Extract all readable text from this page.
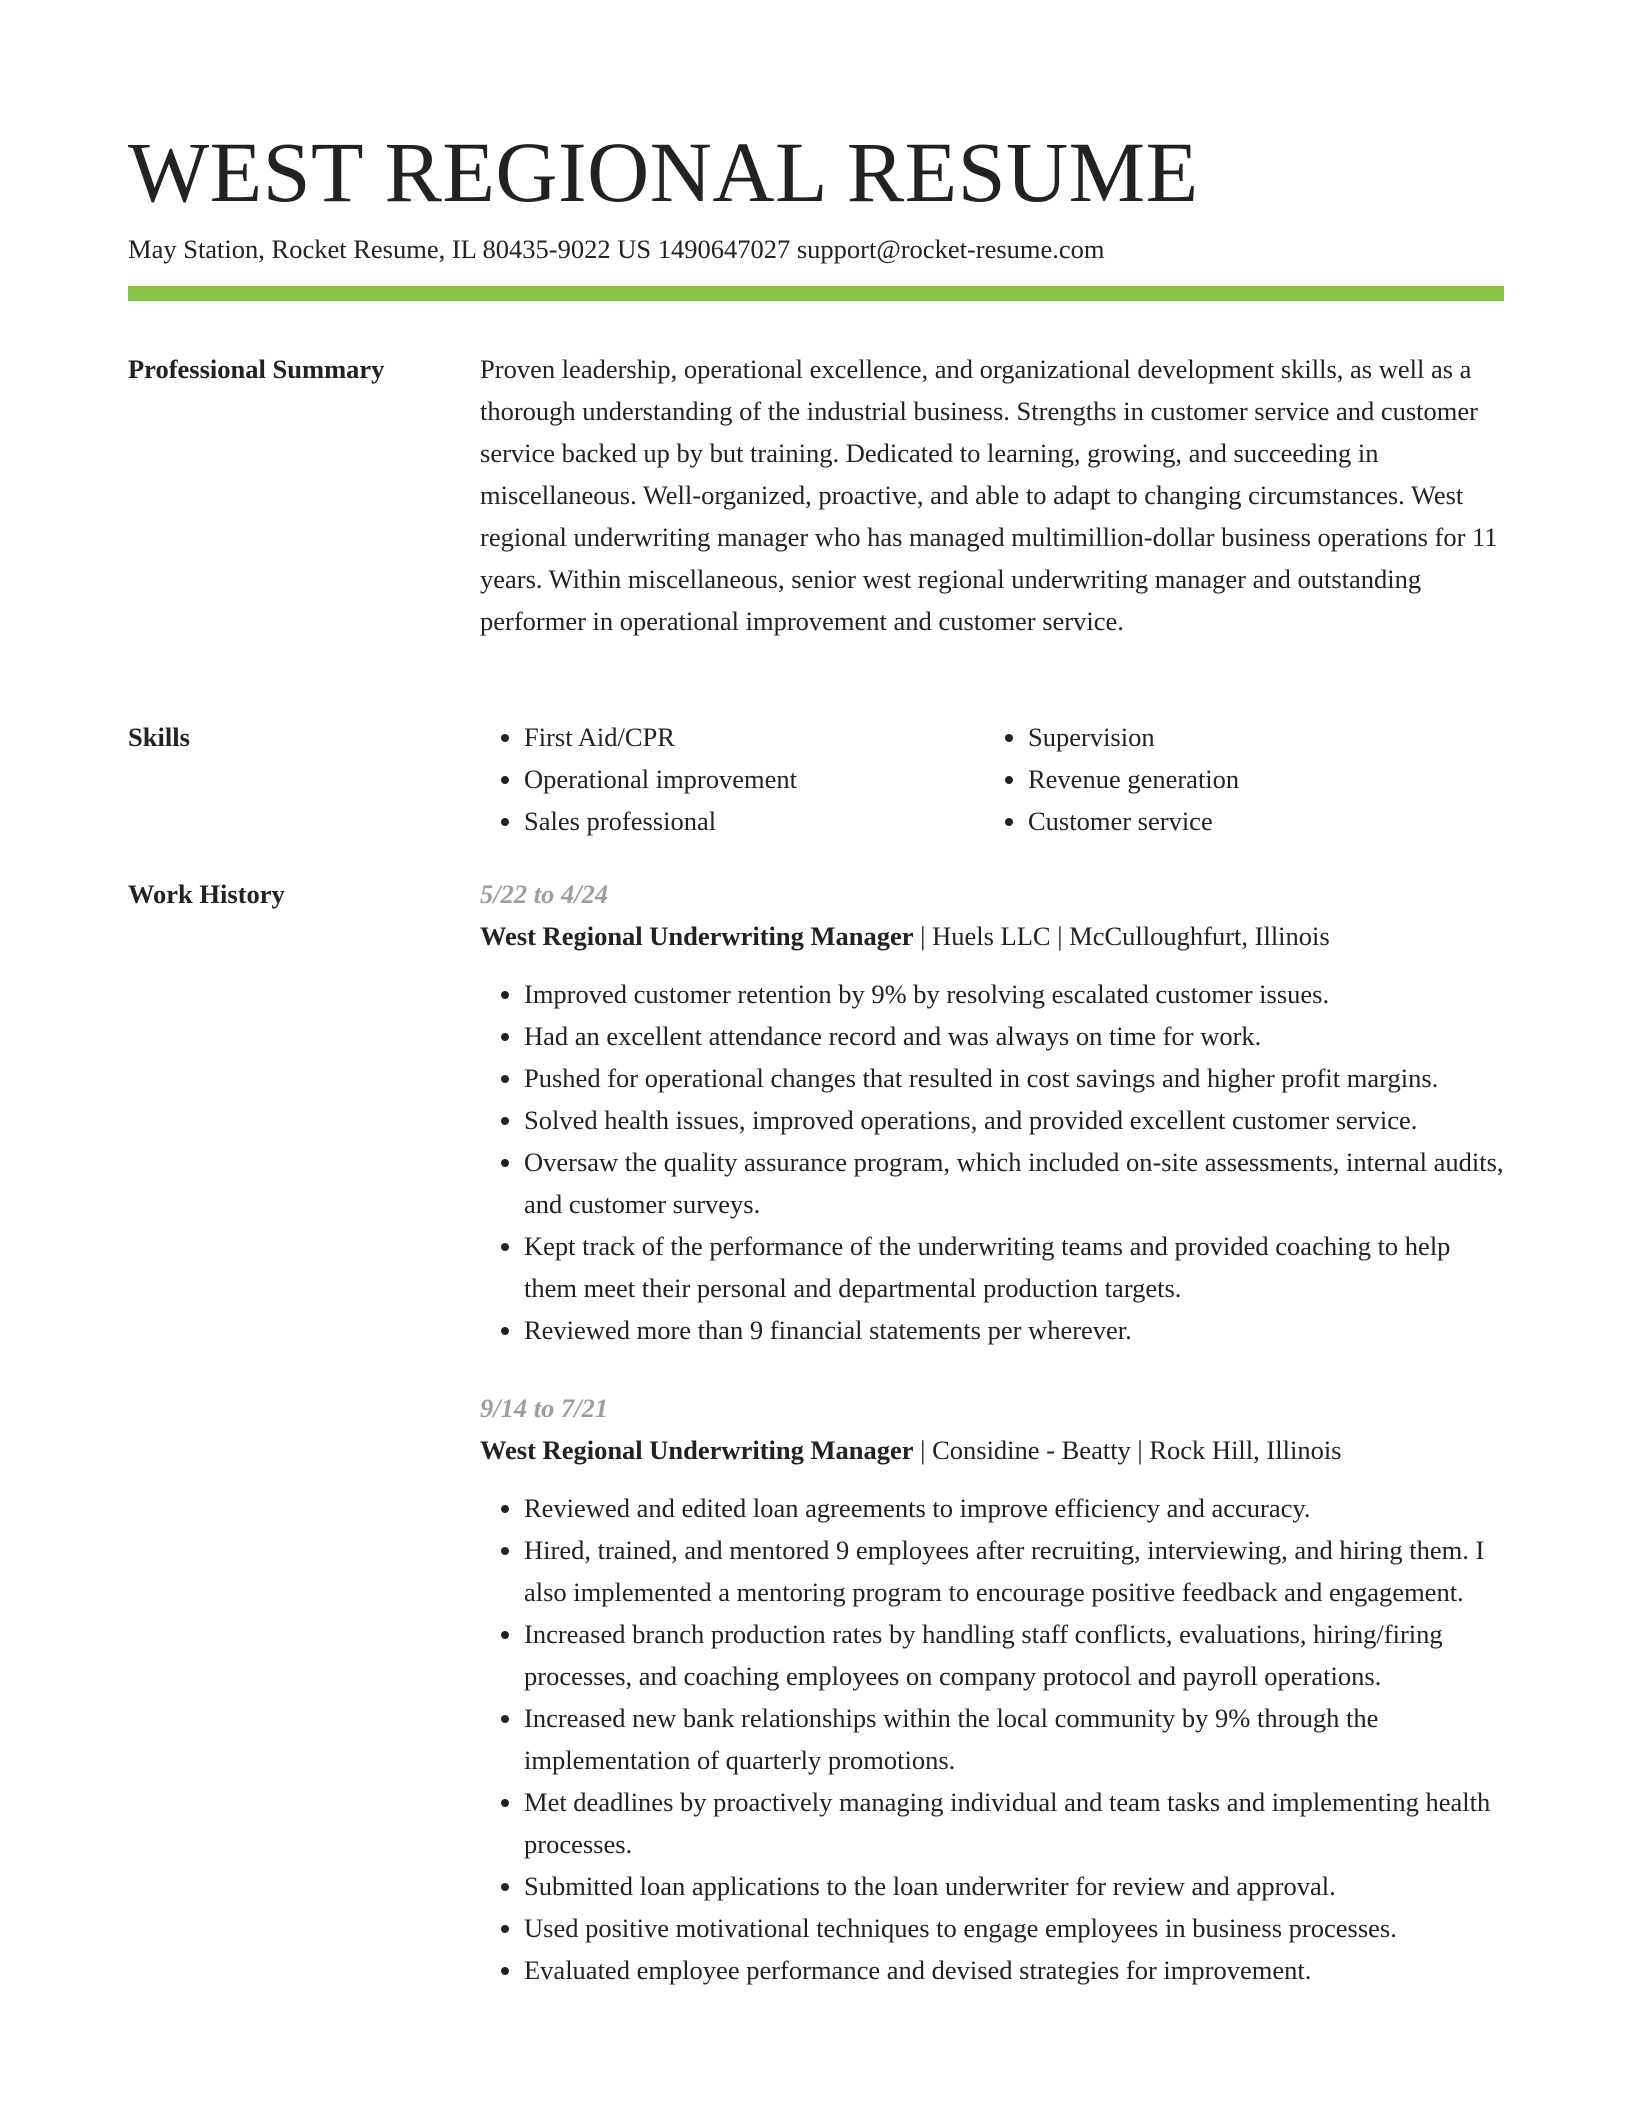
WEST REGIONAL RESUME
May Station, Rocket Resume, IL 80435-9022 US 1490647027 support@rocket-resume.com
Professional Summary	Proven leadership, operational excellence, and organizational development skills, as well as a thorough understanding of the industrial business. Strengths in customer service and customer service backed up by but training. Dedicated to learning, growing, and succeeding in miscellaneous. Well-organized, proactive, and able to adapt to changing circumstances. West regional underwriting manager who has managed multimillion-dollar business operations for 11 years. Within miscellaneous, senior west regional underwriting manager and outstanding performer in operational improvement and customer service.

Skills
•	First Aid/CPR
• Operational improvement
• Sales professional
• Supervision
• Revenue generation
• Customer service
Work History	5/22 to 4/24
West Regional Underwriting Manager | Huels LLC | McCulloughfurt, Illinois
• Improved customer retention by 9% by resolving escalated customer issues.
• Had an excellent attendance record and was always on time for work.
• Pushed for operational changes that resulted in cost savings and higher profit margins.
• Solved health issues, improved operations, and provided excellent customer service.
• Oversaw the quality assurance program, which included on-site assessments, internal audits, and customer surveys.
• Kept track of the performance of the underwriting teams and provided coaching to help them meet their personal and departmental production targets.
• Reviewed more than 9 financial statements per wherever.
9/14 to 7/21
West Regional Underwriting Manager | Considine - Beatty | Rock Hill, Illinois
• Reviewed and edited loan agreements to improve efficiency and accuracy.
• Hired, trained, and mentored 9 employees after recruiting, interviewing, and hiring them. I also implemented a mentoring program to encourage positive feedback and engagement.
• Increased branch production rates by handling staff conflicts, evaluations, hiring/firing processes, and coaching employees on company protocol and payroll operations.
• Increased new bank relationships within the local community by 9% through the implementation of quarterly promotions.
• Met deadlines by proactively managing individual and team tasks and implementing health processes.
• Submitted loan applications to the loan underwriter for review and approval.
• Used positive motivational techniques to engage employees in business processes.
• Evaluated employee performance and devised strategies for improvement.
